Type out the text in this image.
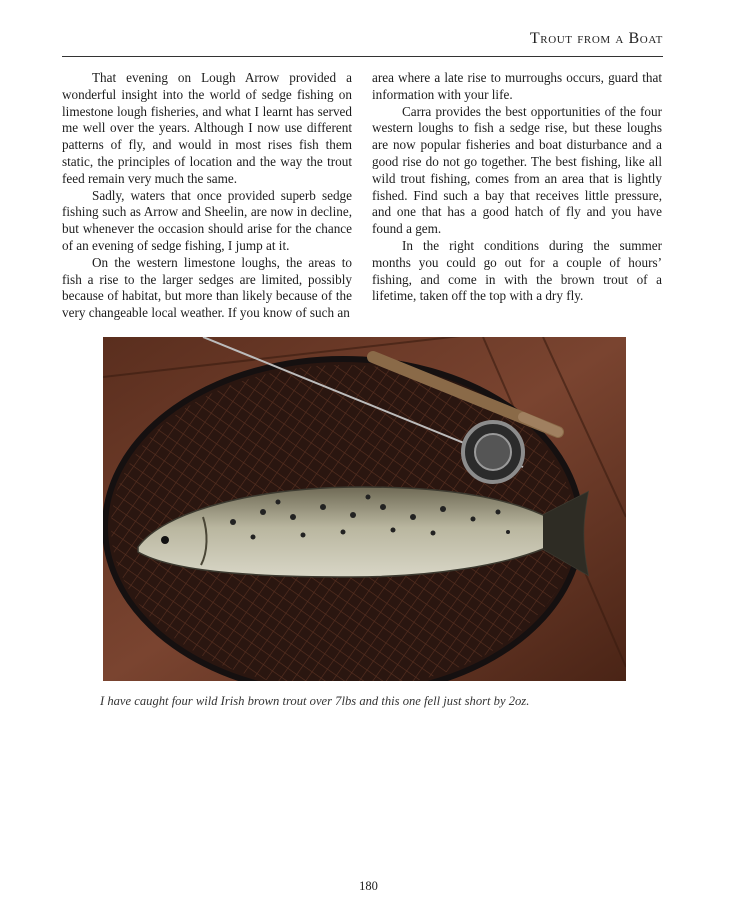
Trout from a Boat

That evening on Lough Arrow provided a wonderful insight into the world of sedge fishing on limestone lough fisheries, and what I learnt has served me well over the years. Although I now use different patterns of fly, and would in most rises fish them static, the principles of location and the way the trout feed remain very much the same.

Sadly, waters that once provided superb sedge fishing such as Arrow and Sheelin, are now in decline, but whenever the occasion should arise for the chance of an evening of sedge fishing, I jump at it.

On the western limestone loughs, the areas to fish a rise to the larger sedges are limited, possibly because of habitat, but more than likely because of the very changeable local weather. If you know of such an

area where a late rise to murroughs occurs, guard that information with your life.

Carra provides the best opportunities of the four western loughs to fish a sedge rise, but these loughs are now popular fisheries and boat disturbance and a good rise do not go together. The best fishing, like all wild trout fishing, comes from an area that is lightly fished. Find such a bay that receives little pressure, and one that has a good hatch of fly and you have found a gem.

In the right conditions during the summer months you could go out for a couple of hours’ fishing, and come in with the brown trout of a lifetime, taken off the top with a dry fly.

I have caught four wild Irish brown trout over 7lbs and this one fell just short by 2oz.
180
